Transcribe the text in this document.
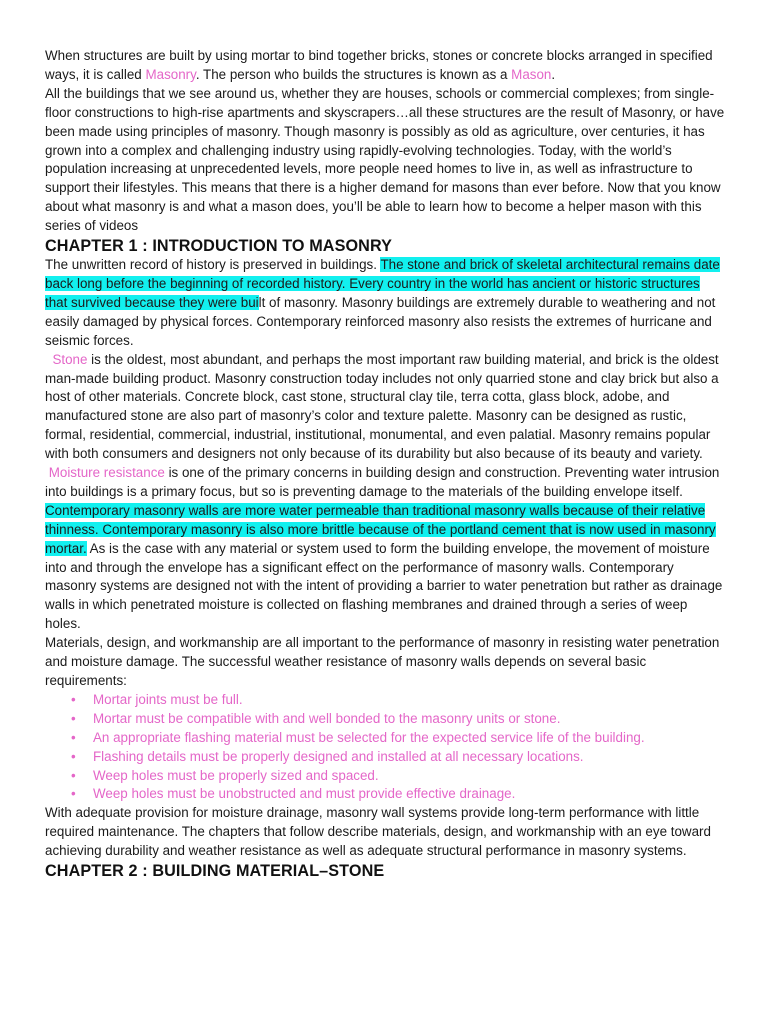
When structures are built by using mortar to bind together bricks, stones or concrete blocks arranged in specified ways, it is called Masonry. The person who builds the structures is known as a Mason.

All the buildings that we see around us, whether they are houses, schools or commercial complexes; from single-floor constructions to high-rise apartments and skyscrapers…all these structures are the result of Masonry, or have been made using principles of masonry. Though masonry is possibly as old as agriculture, over centuries, it has grown into a complex and challenging industry using rapidly-evolving technologies. Today, with the world’s population increasing at unprecedented levels, more people need homes to live in, as well as infrastructure to support their lifestyles. This means that there is a higher demand for masons than ever before. Now that you know about what masonry is and what a mason does, you’ll be able to learn how to become a helper mason with this series of videos

CHAPTER 1 : INTRODUCTION TO MASONRY

The unwritten record of history is preserved in buildings. The stone and brick of skeletal architectural remains date back long before the beginning of recorded history. Every country in the world has ancient or historic structures that survived because they were built of masonry. Masonry buildings are extremely durable to weathering and not easily damaged by physical forces. Contemporary reinforced masonry also resists the extremes of hurricane and seismic forces.

Stone is the oldest, most abundant, and perhaps the most important raw building material, and brick is the oldest man-made building product. Masonry construction today includes not only quarried stone and clay brick but also a host of other materials. Concrete block, cast stone, structural clay tile, terra cotta, glass block, adobe, and manufactured stone are also part of masonry’s color and texture palette. Masonry can be designed as rustic, formal, residential, commercial, industrial, institutional, monumental, and even palatial. Masonry remains popular with both consumers and designers not only because of its durability but also because of its beauty and variety.

Moisture resistance is one of the primary concerns in building design and construction. Preventing water intrusion into buildings is a primary focus, but so is preventing damage to the materials of the building envelope itself.

Contemporary masonry walls are more water permeable than traditional masonry walls because of their relative thinness. Contemporary masonry is also more brittle because of the portland cement that is now used in masonry mortar. As is the case with any material or system used to form the building envelope, the movement of moisture into and through the envelope has a significant effect on the performance of masonry walls. Contemporary masonry systems are designed not with the intent of providing a barrier to water penetration but rather as drainage walls in which penetrated moisture is collected on flashing membranes and drained through a series of weep holes.

Materials, design, and workmanship are all important to the performance of masonry in resisting water penetration and moisture damage. The successful weather resistance of masonry walls depends on several basic requirements:

• Mortar joints must be full.
• Mortar must be compatible with and well bonded to the masonry units or stone.
• An appropriate flashing material must be selected for the expected service life of the building.
• Flashing details must be properly designed and installed at all necessary locations.
• Weep holes must be properly sized and spaced.
• Weep holes must be unobstructed and must provide effective drainage.

With adequate provision for moisture drainage, masonry wall systems provide long-term performance with little required maintenance. The chapters that follow describe materials, design, and workmanship with an eye toward achieving durability and weather resistance as well as adequate structural performance in masonry systems.

CHAPTER 2 : BUILDING MATERIAL–STONE
